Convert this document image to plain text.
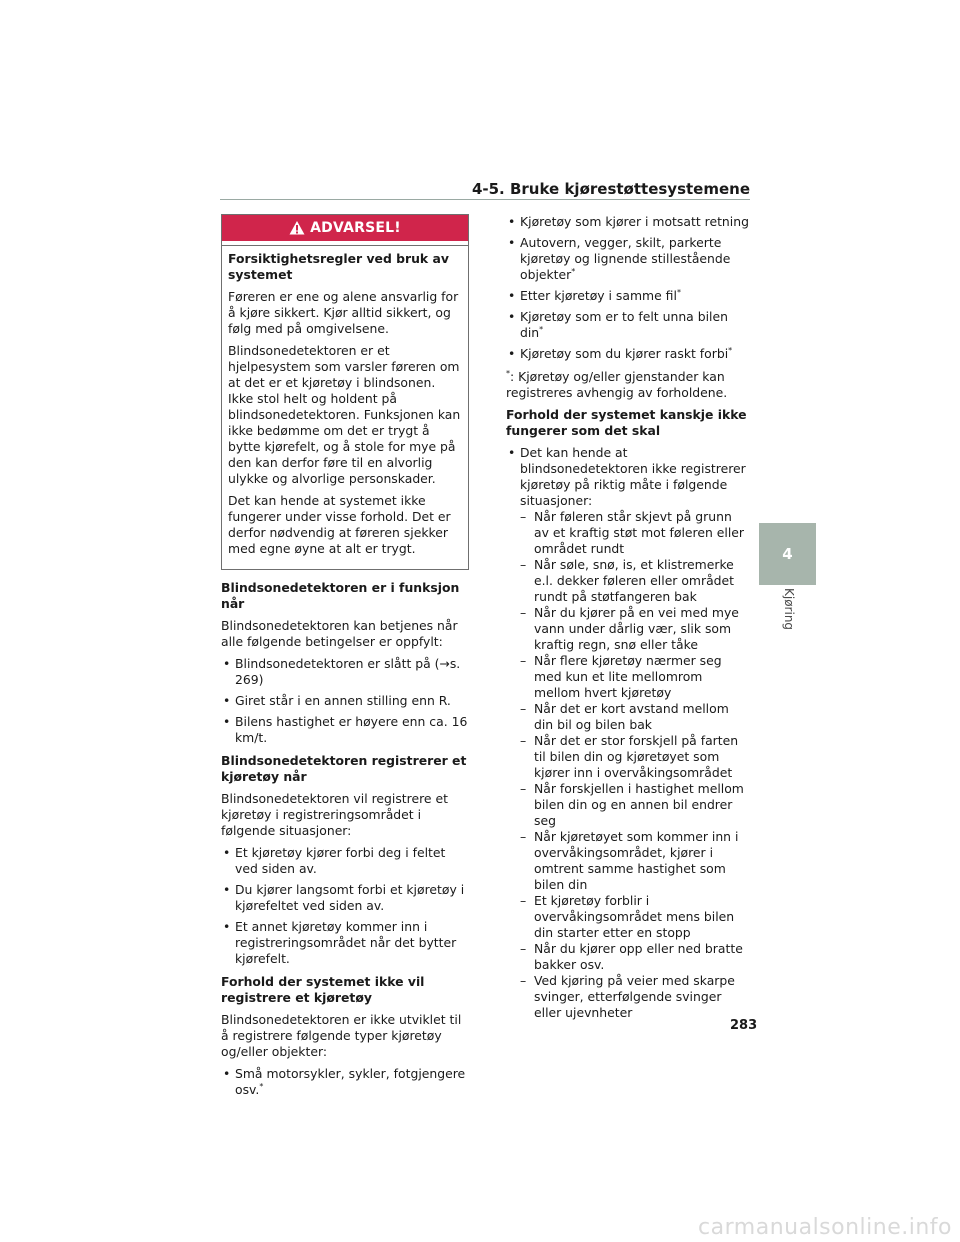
4-5. Bruke kjørestøttesystemene
ADVARSEL!

Forsiktighetsregler ved bruk av systemet

Føreren er ene og alene ansvarlig for å kjøre sikkert. Kjør alltid sikkert, og følg med på omgivelsene.

Blindsonedetektoren er et hjelpesystem som varsler føreren om at det er et kjøretøy i blindsonen. Ikke stol helt og holdent på blindsonedetektoren. Funksjonen kan ikke bedømme om det er trygt å bytte kjørefelt, og å stole for mye på den kan derfor føre til en alvorlig ulykke og alvorlige personskader.

Det kan hende at systemet ikke fungerer under visse forhold. Det er derfor nødvendig at føreren sjekker med egne øyne at alt er trygt.

Blindsonedetektoren er i funksjon når

Blindsonedetektoren kan betjenes når alle følgende betingelser er oppfylt:

• Blindsonedetektoren er slått på (→s. 269)
• Giret står i en annen stilling enn R.
• Bilens hastighet er høyere enn ca. 16 km/t.
Blindsonedetektoren registrerer et kjøretøy når

Blindsonedetektoren vil registrere et kjøretøy i registreringsområdet i følgende situasjoner:

• Et kjøretøy kjører forbi deg i feltet ved siden av.
• Du kjører langsomt forbi et kjøretøy i kjørefeltet ved siden av.
• Et annet kjøretøy kommer inn i registreringsområdet når det bytter kjørefelt.
Forhold der systemet ikke vil registrere et kjøretøy

Blindsonedetektoren er ikke utviklet til å registrere følgende typer kjøretøy og/eller objekter:

• Små motorsykler, sykler, fotgjengere osv.*
• Kjøretøy som kjører i motsatt retning
• Autovern, vegger, skilt, parkerte kjøretøy og lignende stillestående objekter*
• Etter kjøretøy i samme fil*
• Kjøretøy som er to felt unna bilen din*
• Kjøretøy som du kjører raskt forbi*

*: Kjøretøy og/eller gjenstander kan registreres avhengig av forholdene.

Forhold der systemet kanskje ikke fungerer som det skal
• Det kan hende at blindsonedetektoren ikke registrerer kjøretøy på riktig måte i følgende situasjoner:
– Når føleren står skjevt på grunn av et kraftig støt mot føleren eller området rundt
– Når søle, snø, is, et klistremerke e.l. dekker føleren eller området rundt på støtfangeren bak
– Når du kjører på en vei med mye vann under dårlig vær, slik som kraftig regn, snø eller tåke
– Når flere kjøretøy nærmer seg med kun et lite mellomrom mellom hvert kjøretøy
– Når det er kort avstand mellom din bil og bilen bak
– Når det er stor forskjell på farten til bilen din og kjøretøyet som kjører inn i overvåkingsområdet
– Når forskjellen i hastighet mellom bilen din og en annen bil endrer seg
– Når kjøretøyet som kommer inn i overvåkingsområdet, kjører i omtrent samme hastighet som bilen din
– Et kjøretøy forblir i overvåkingsområdet mens bilen din starter etter en stopp
– Når du kjører opp eller ned bratte bakker osv.
– Ved kjøring på veier med skarpe svinger, etterfølgende svinger eller ujevnheter
4
Kjøring
283
carmanualsonline.info
